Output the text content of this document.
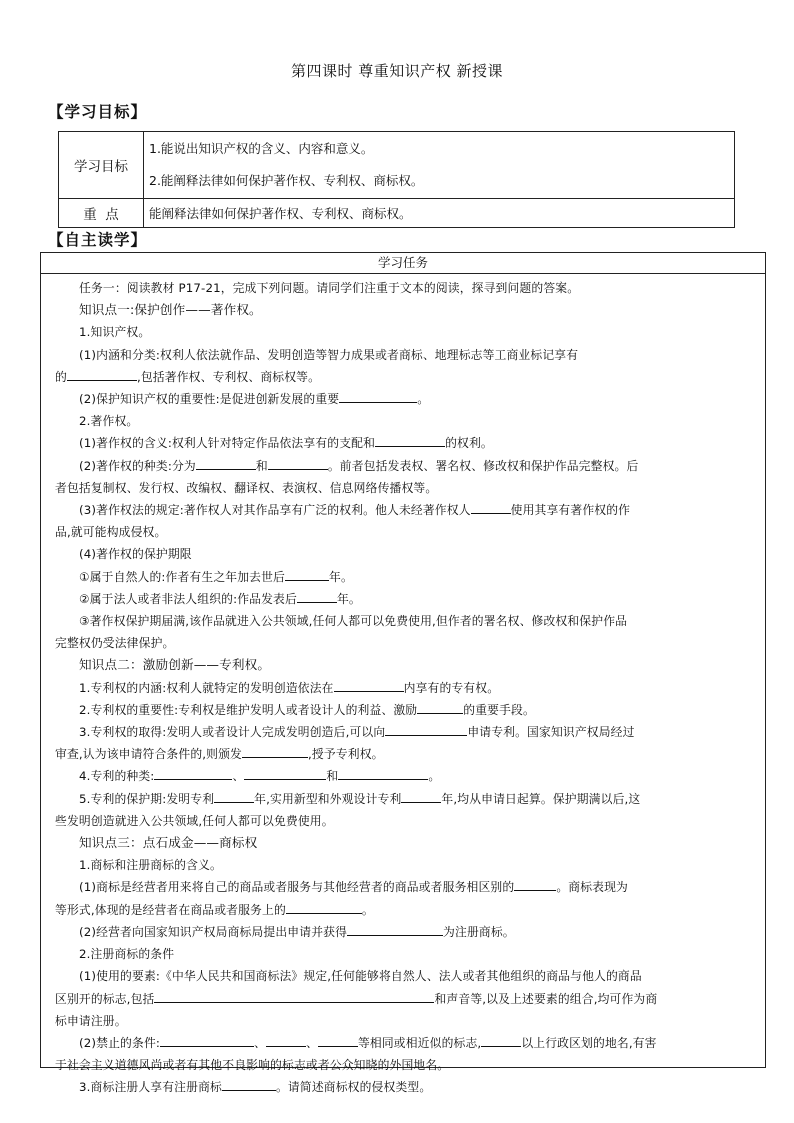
第四课时 尊重知识产权 新授课
【学习目标】
学习目标	1.能说出知识产权的含义、内容和意义。
2.能阐释法律如何保护著作权、专利权、商标权。

重  点	能阐释法律如何保护著作权、专利权、商标权。
【自主读学】
学习任务

任务一：阅读教材 P17-21，完成下列问题。请同学们注重于文本的阅读，探寻到问题的答案。

知识点一:保护创作——著作权。

1.知识产权。

(1)内涵和分类:权利人依法就作品、发明创造等智力成果或者商标、地理标志等工商业标记享有

的	,包括著作权、专利权、商标权等。

(2)保护知识产权的重要性:是促进创新发展的重要	。

2.著作权。

(1)著作权的含义:权利人针对特定作品依法享有的支配和	的权利。

(2)著作权的种类:分为	和	。前者包括发表权、署名权、修改权和保护作品完整权。后

者包括复制权、发行权、改编权、翻译权、表演权、信息网络传播权等。

(3)著作权法的规定:著作权人对其作品享有广泛的权利。他人未经著作权人	使用其享有著作权的作

品,就可能构成侵权。

(4)著作权的保护期限

①属于自然人的:作者有生之年加去世后	年。

②属于法人或者非法人组织的:作品发表后	年。

③著作权保护期届满,该作品就进入公共领域,任何人都可以免费使用,但作者的署名权、修改权和保护作品

完整权仍受法律保护。

知识点二：激励创新——专利权。

1.专利权的内涵:权利人就特定的发明创造依法在	内享有的专有权。

2.专利权的重要性:专利权是维护发明人或者设计人的利益、激励	的重要手段。

3.专利权的取得:发明人或者设计人完成发明创造后,可以向	申请专利。国家知识产权局经过

审查,认为该申请符合条件的,则颁发	,授予专利权。

4.专利的种类:	、	和	。

5.专利的保护期:发明专利	年,实用新型和外观设计专利	年,均从申请日起算。保护期满以后,这

些发明创造就进入公共领域,任何人都可以免费使用。

知识点三：点石成金——商标权

1.商标和注册商标的含义。

(1)商标是经营者用来将自己的商品或者服务与其他经营者的商品或者服务相区别的	。商标表现为

等形式,体现的是经营者在商品或者服务上的	。

(2)经营者向国家知识产权局商标局提出申请并获得	为注册商标。

2.注册商标的条件

(1)使用的要素:《中华人民共和国商标法》规定,任何能够将自然人、法人或者其他组织的商品与他人的商品

区别开的标志,包括	和声音等,以及上述要素的组合,均可作为商

标申请注册。

(2)禁止的条件:	、	、	等相同或相近似的标志,	以上行政区划的地名,有害

于社会主义道德风尚或者有其他不良影响的标志或者公众知晓的外国地名。

3.商标注册人享有注册商标	。请简述商标权的侵权类型。
